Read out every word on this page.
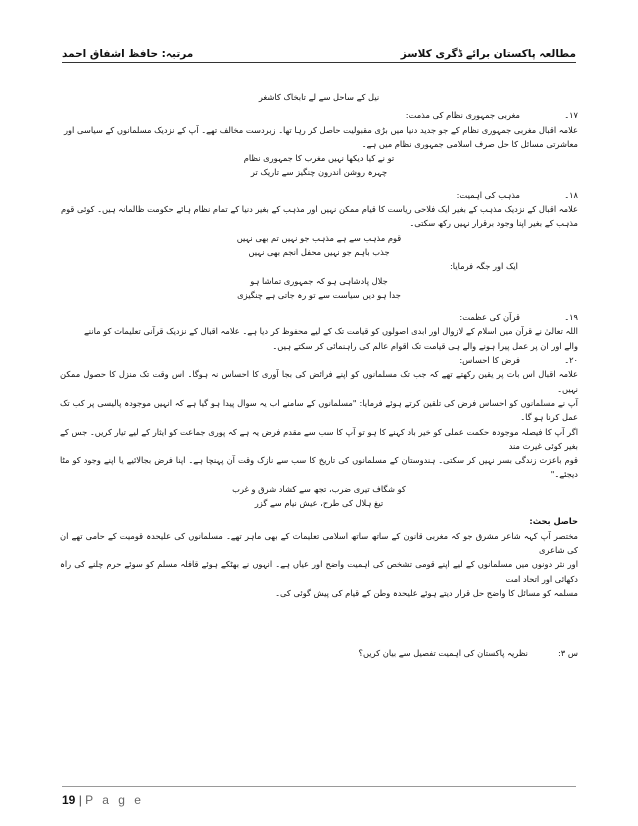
مرتبہ: حافظ اشفاق احمد	مطالعہ پاکستان برائے ڈگری کلاسز

نیل کے ساحل سے لے تابخاک کاشغر

۱۷۔
مغربی جمہوری نظام کی مذمت:

علامہ اقبال مغربی جمہوری نظام کے جو جدید دنیا میں بڑی مقبولیت حاصل کر رہا تھا۔ زبردست مخالف تھے۔ آپ کے نزدیک مسلمانوں کے سیاسی اور

معاشرتی مسائل کا حل صرف اسلامی جمہوری نظام میں ہے۔

تو نے کیا دیکھا نہیں مغرب کا جمہوری نظام

چہرہ روشن اندرون چنگیز سے تاریک تر

۱۸۔
مذہب کی اہمیت:

علامہ اقبال کے نزدیک مذہب کے بغیر ایک فلاحی ریاست کا قیام ممکن نہیں اور مذہب کے بغیر دنیا کے تمام نظام ہائے حکومت ظالمانہ ہیں۔ کوئی قوم

مذہب کے بغیر اپنا وجود برقرار نہیں رکھ سکتی۔

قوم مذہب سے ہے مذہب جو نہیں تم بھی نہیں

جذب باہم جو نہیں محفل انجم بھی نہیں

ایک اور جگہ فرمایا:

جلال پادشاہی ہو کہ جمہوری تماشا ہو

جدا ہو دیں سیاست سے تو رہ جاتی ہے چنگیزی

۱۹۔
قرآن کی عظمت:

اللہ تعالیٰ نے قرآن میں اسلام کے لازوال اور ابدی اصولوں کو قیامت تک کے لیے محفوظ کر دیا ہے۔ علامہ اقبال کے نزدیک قرآنی تعلیمات کو ماننے

والے اور ان پر عمل پیرا ہونے والے ہی قیامت تک اقوام عالم کی راہنمائی کر سکتے ہیں۔

۲۰۔
فرض کا احساس:

علامہ اقبال اس بات پر یقین رکھتے تھے کہ جب تک مسلمانوں کو اپنے فرائض کی بجا آوری کا احساس نہ ہوگا۔ اس وقت تک منزل کا حصول ممکن نہیں۔

آپ نے مسلمانوں کو احساس فرض کی تلقین کرتے ہوئے فرمایا: "مسلمانوں کے سامنے اب یہ سوال پیدا ہو گیا ہے کہ انہیں موجودہ پالیسی پر کب تک عمل کرنا ہو گا۔

اگر آپ کا فیصلہ موجودہ حکمت عملی کو خیر باد کہنے کا ہو تو آپ کا سب سے مقدم فرض یہ ہے کہ پوری جماعت کو ایثار کے لیے تیار کریں۔ جس کے بغیر کوئی غیرت مند

قوم باعزت زندگی بسر نہیں کر سکتی۔ ہندوستان کے مسلمانوں کی تاریخ کا سب سے نازک وقت آن پہنچا ہے۔ اپنا فرض بجالائیے یا اپنے وجود کو مٹا دیجئے۔"

کو شگاف تیری ضرب، تجھ سے کشاد شرق و غرب

تیغ ہلال کی طرح، عیش نیام سے گزر

حاصل بحث:

مختصر آپ کہہ شاعر مشرق جو کہ مغربی قانون کے ساتھ ساتھ اسلامی تعلیمات کے بھی ماہر تھے۔ مسلمانوں کی علیحدہ قومیت کے حامی تھے ان کی شاعری

اور نثر دونوں میں مسلمانوں کے لیے اپنے قومی تشخص کی اہمیت واضح اور عیاں ہے۔ انہوں نے بھٹکے ہوئے قافلہ مسلم کو سوئے حرم چلنے کی راہ دکھائی اور اتحاد امت

مسلمہ کو مسائل کا واضح حل قرار دیتے ہوئے علیحدہ وطن کے قیام کی پیش گوئی کی۔

س ۳:
نظریہ پاکستان کی اہمیت تفصیل سے بیان کریں؟

19 | P a g e
